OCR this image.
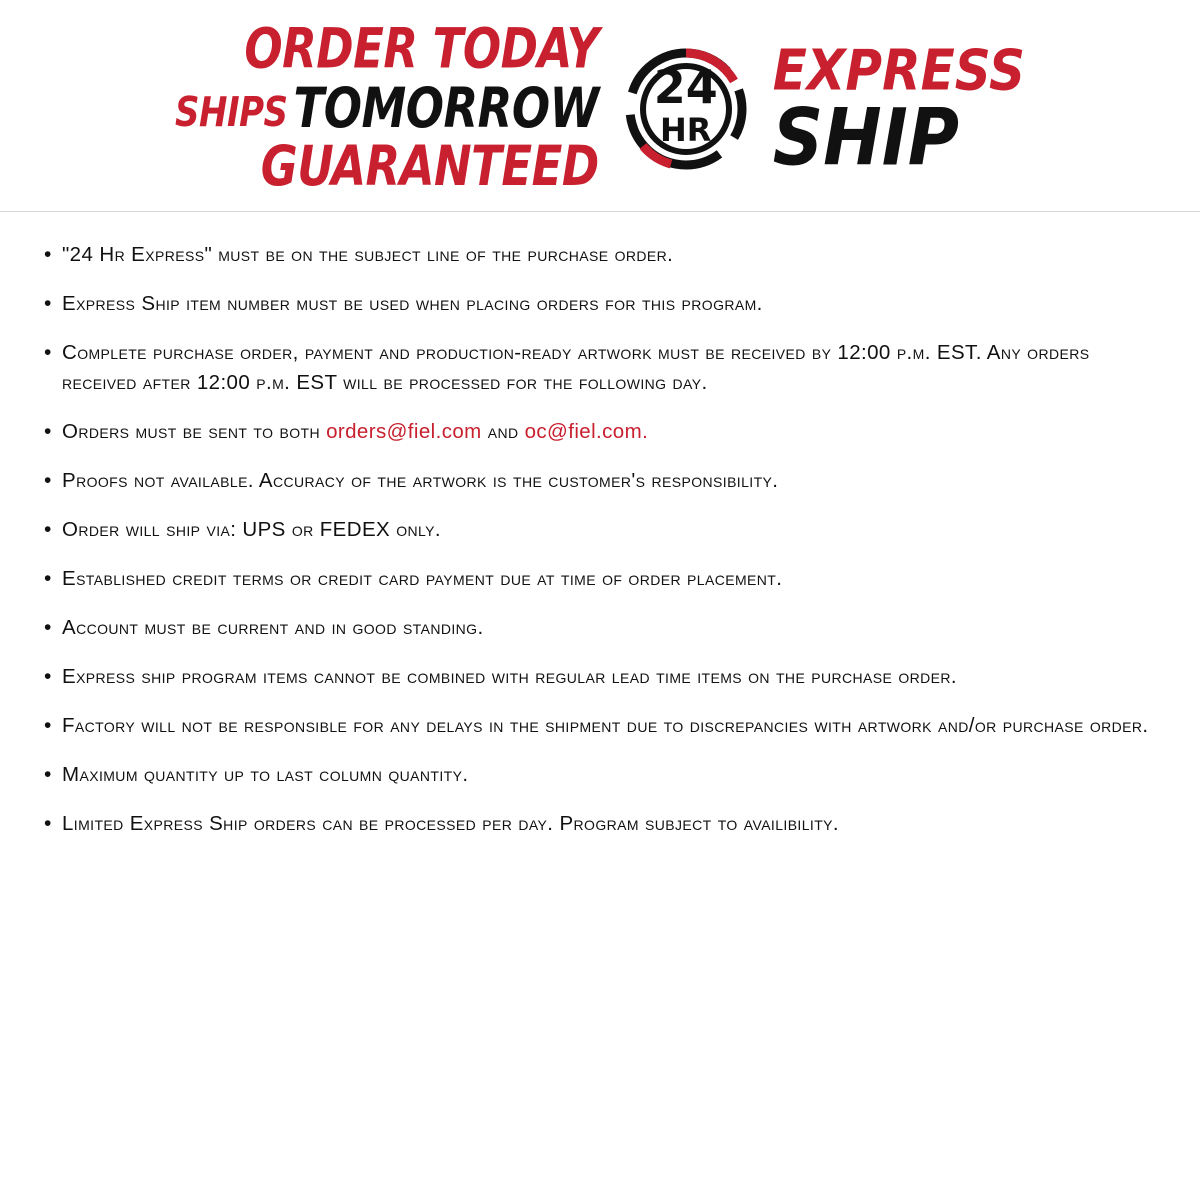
ORDER TODAY
SHIPS TOMORROW
GUARANTEED
24
HR
EXPRESS
SHIP
• "24 Hr Express" must be on the subject line of the purchase order.
• Express Ship item number must be used when placing orders for this program.
• Complete purchase order, payment and production-ready artwork must be received by 12:00 p.m. EST. Any orders received after 12:00 p.m. EST will be processed for the following day.
• Orders must be sent to both orders@fiel.com and oc@fiel.com.
• Proofs not available. Accuracy of the artwork is the customer's responsibility.
• Order will ship via: UPS or FEDEX only.
• Established credit terms or credit card payment due at time of order placement.
• Account must be current and in good standing.
• Express ship program items cannot be combined with regular lead time items on the purchase order.
• Factory will not be responsible for any delays in the shipment due to discrepancies with artwork and/or purchase order.
• Maximum quantity up to last column quantity.
• Limited Express Ship orders can be processed per day. Program subject to availibility.
